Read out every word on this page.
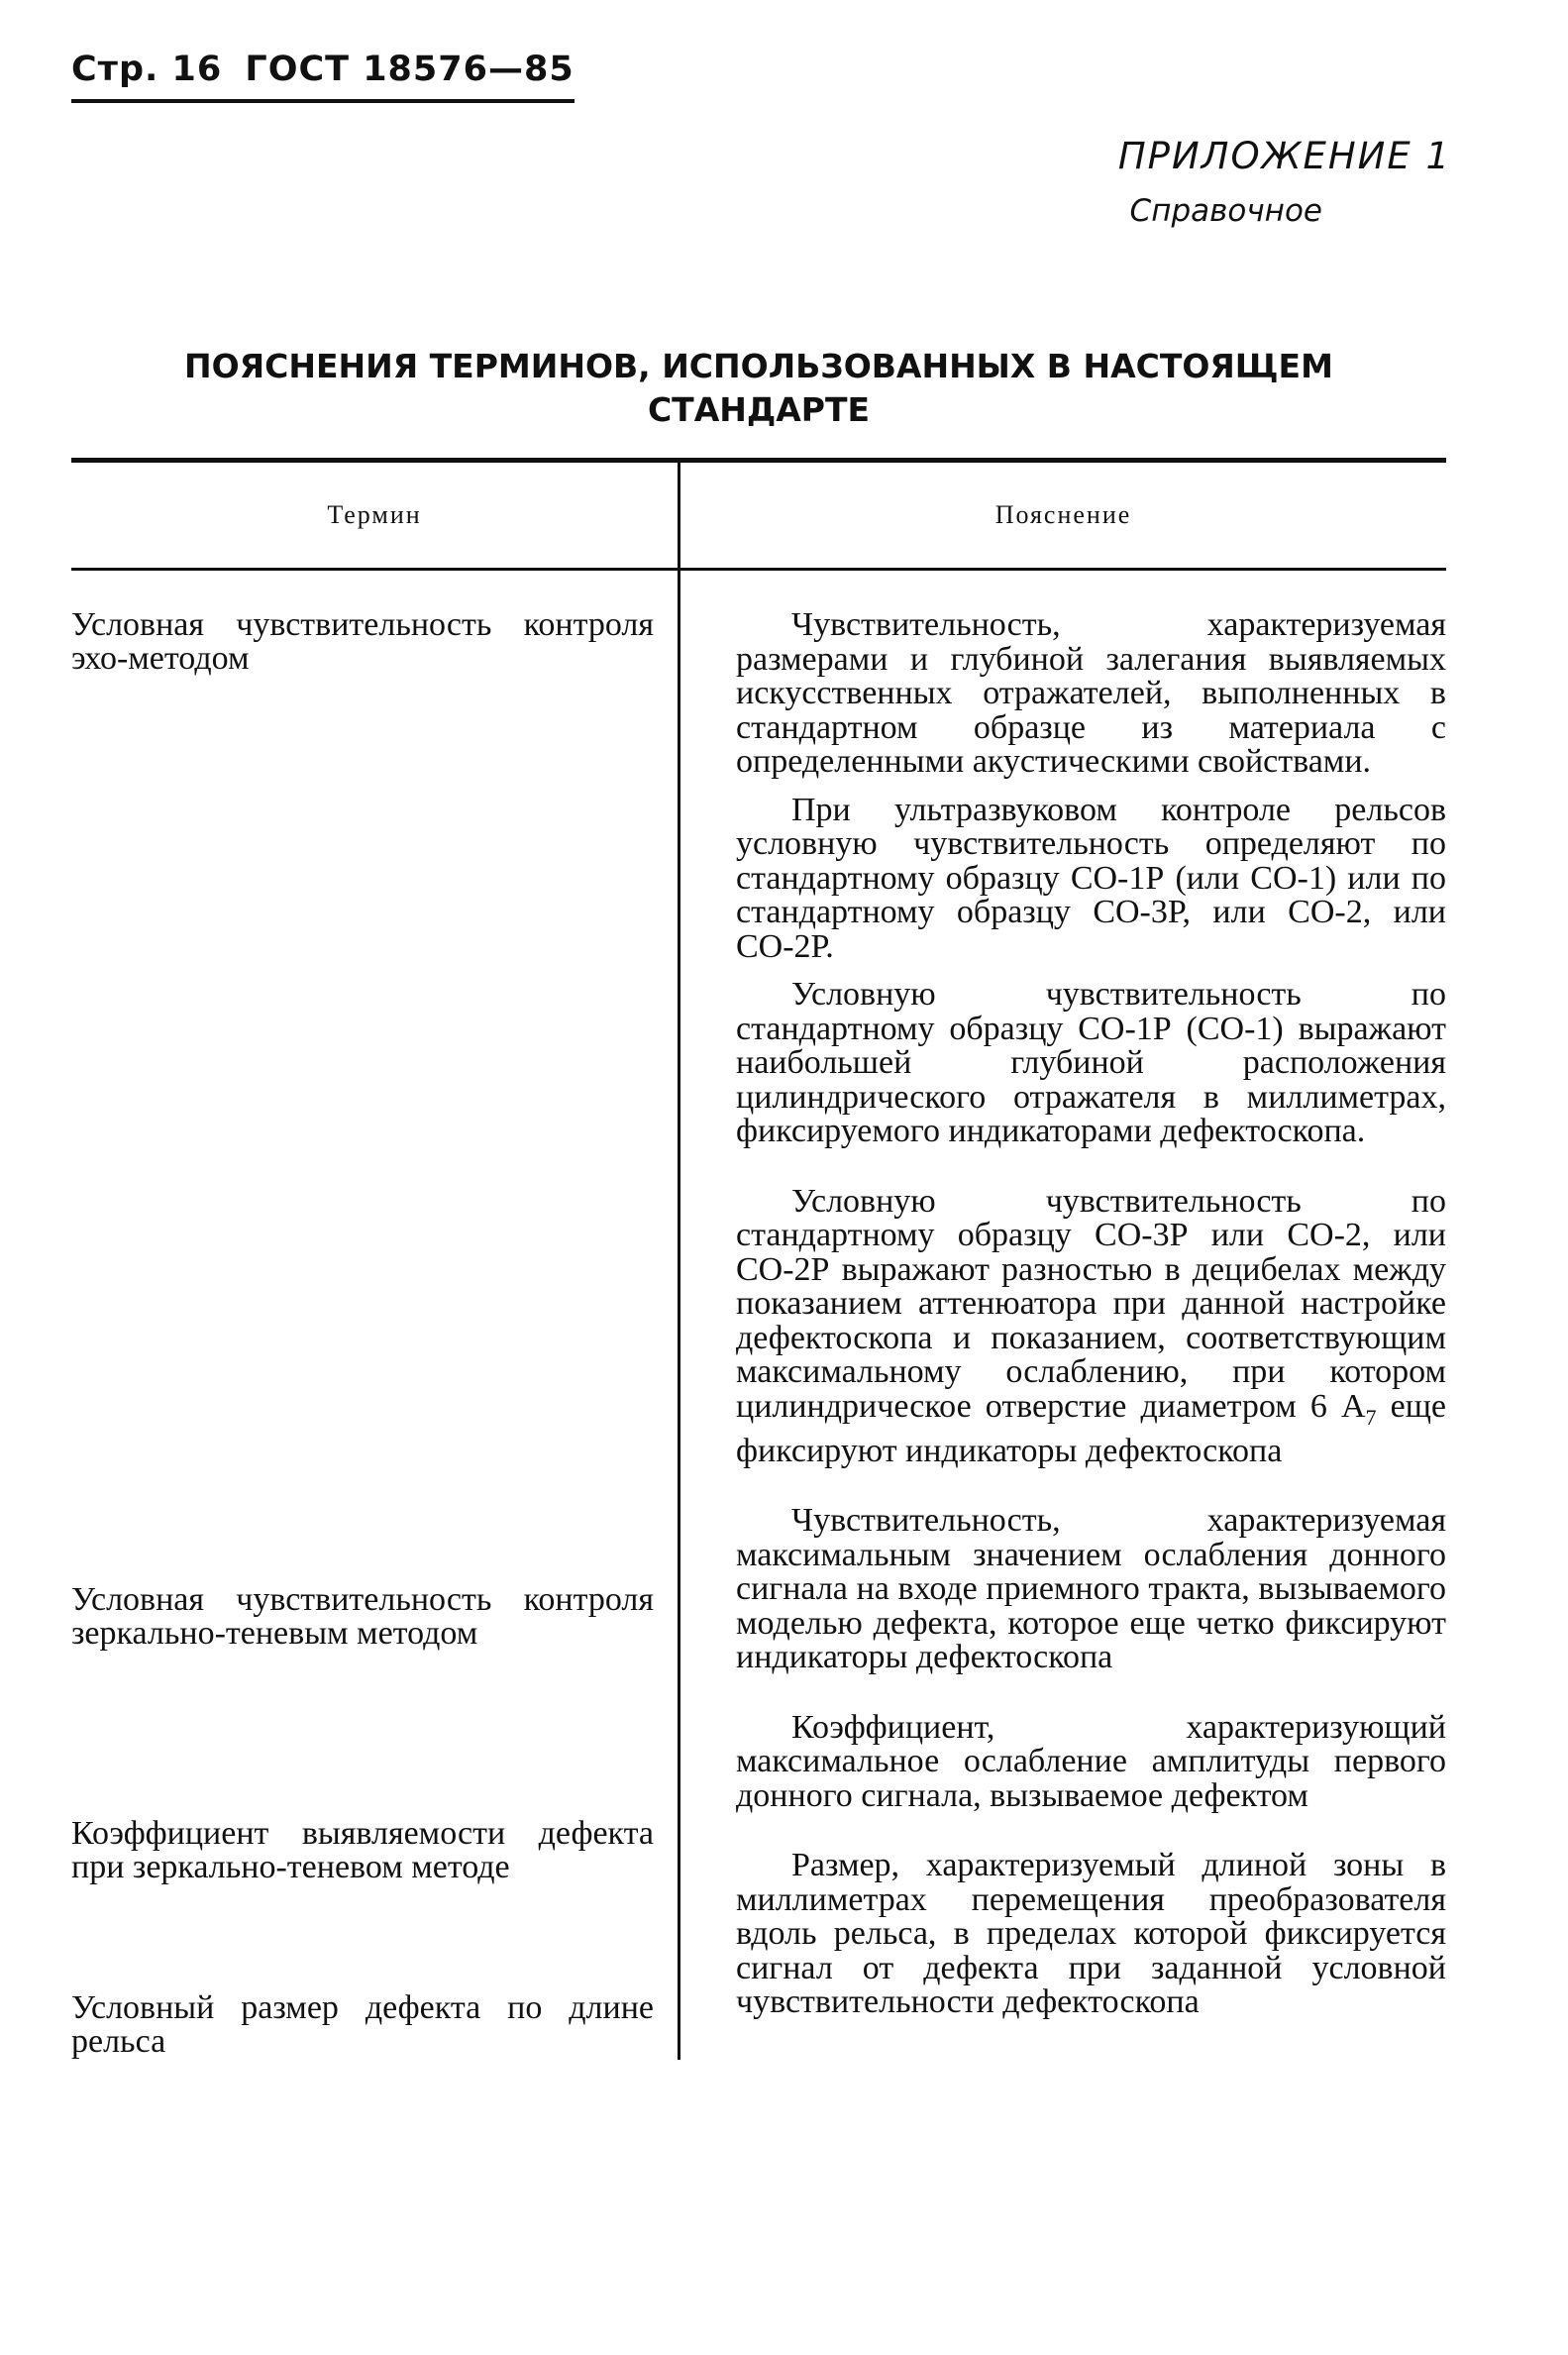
Стр. 16 ГОСТ 18576—85
ПРИЛОЖЕНИЕ 1
Справочное
ПОЯСНЕНИЯ ТЕРМИНОВ, ИСПОЛЬЗОВАННЫХ В НАСТОЯЩЕМ
СТАНДАРТЕ
Термин	Пояснение

Условная чувствительность контроля эхо-методом

Условная чувствительность контроля зеркально-теневым методом

Коэффициент выявляемости дефекта при зеркально-теневом методе

Условный размер дефекта по длине рельса

Чувствительность, характеризуемая размерами и глубиной залегания выявляемых искусственных отражателей, выполненных в стандартном образце из материала с определенными акустическими свойствами.

При ультразвуковом контроле рельсов условную чувствительность определяют по стандартному образцу СО-1Р (или СО-1) или по стандартному образцу СО-3Р, или СО-2, или СО-2Р.

Условную чувствительность по стандартному образцу СО-1Р (СО-1) выражают наибольшей глубиной расположения цилиндрического отражателя в миллиметрах, фиксируемого индикаторами дефектоскопа.

Условную чувствительность по стандартному образцу СО-3Р или СО-2, или СО-2Р выражают разностью в децибелах между показанием аттенюатора при данной настройке дефектоскопа и показанием, соответствующим максимальному ослаблению, при котором цилиндрическое отверстие диаметром 6 $А_7$ еще фиксируют индикаторы дефектоскопа

Чувствительность, характеризуемая максимальным значением ослабления донного сигнала на входе приемного тракта, вызываемого моделью дефекта, которое еще четко фиксируют индикаторы дефектоскопа

Коэффициент, характеризующий максимальное ослабление амплитуды первого донного сигнала, вызываемое дефектом

Размер, характеризуемый длиной зоны в миллиметрах перемещения преобразователя вдоль рельса, в пределах которой фиксируется сигнал от дефекта при заданной условной чувствительности дефектоскопа
